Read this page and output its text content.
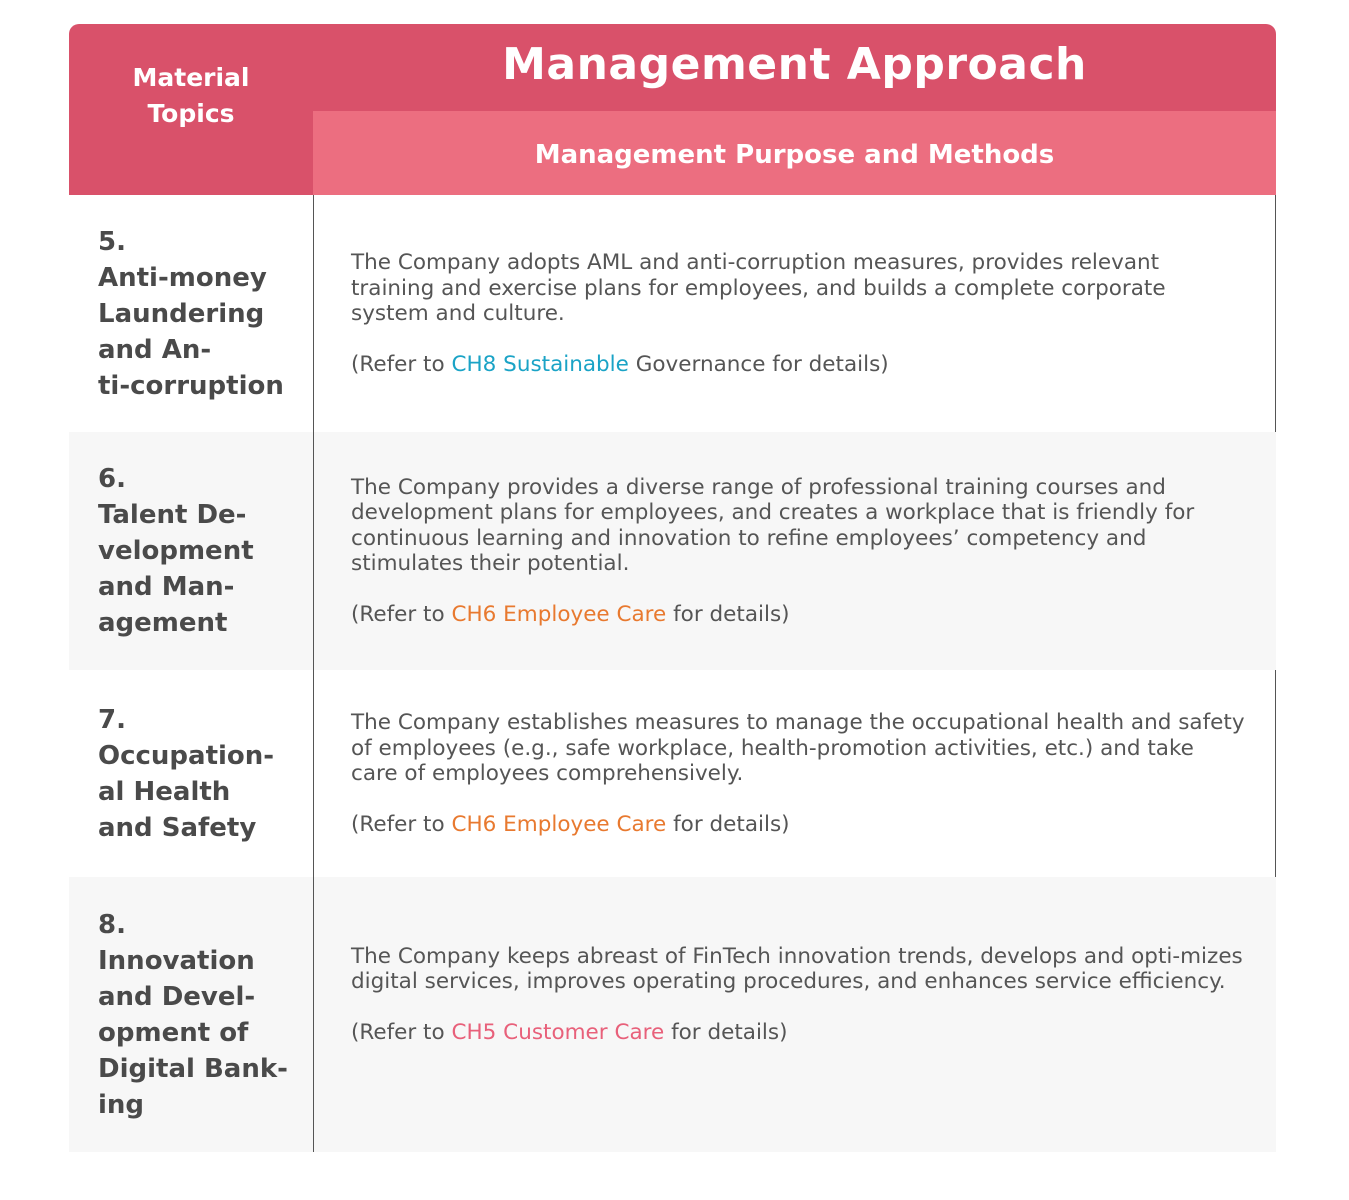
Material
Topics
Management Approach
Management Purpose and Methods
5.
Anti-money
Laundering
and An-
ti-corruption

The Company adopts AML and anti-corruption measures, provides relevant training and exercise plans for employees, and builds a complete corporate system and culture.

(Refer to CH8 Sustainable Governance for details)

6.
Talent De-
velopment
and Man-
agement

The Company provides a diverse range of professional training courses and development plans for employees, and creates a workplace that is friendly for continuous learning and innovation to refine employees’ competency and stimulates their potential.

(Refer to CH6 Employee Care for details)

7.
Occupation-
al Health
and Safety

The Company establishes measures to manage the occupational health and safety of employees (e.g., safe workplace, health-promotion activities, etc.) and take care of employees comprehensively.

(Refer to CH6 Employee Care for details)

8.
Innovation
and Devel-
opment of
Digital Bank-
ing

The Company keeps abreast of FinTech innovation trends, develops and opti-mizes digital services, improves operating procedures, and enhances service efficiency.

(Refer to CH5 Customer Care for details)
